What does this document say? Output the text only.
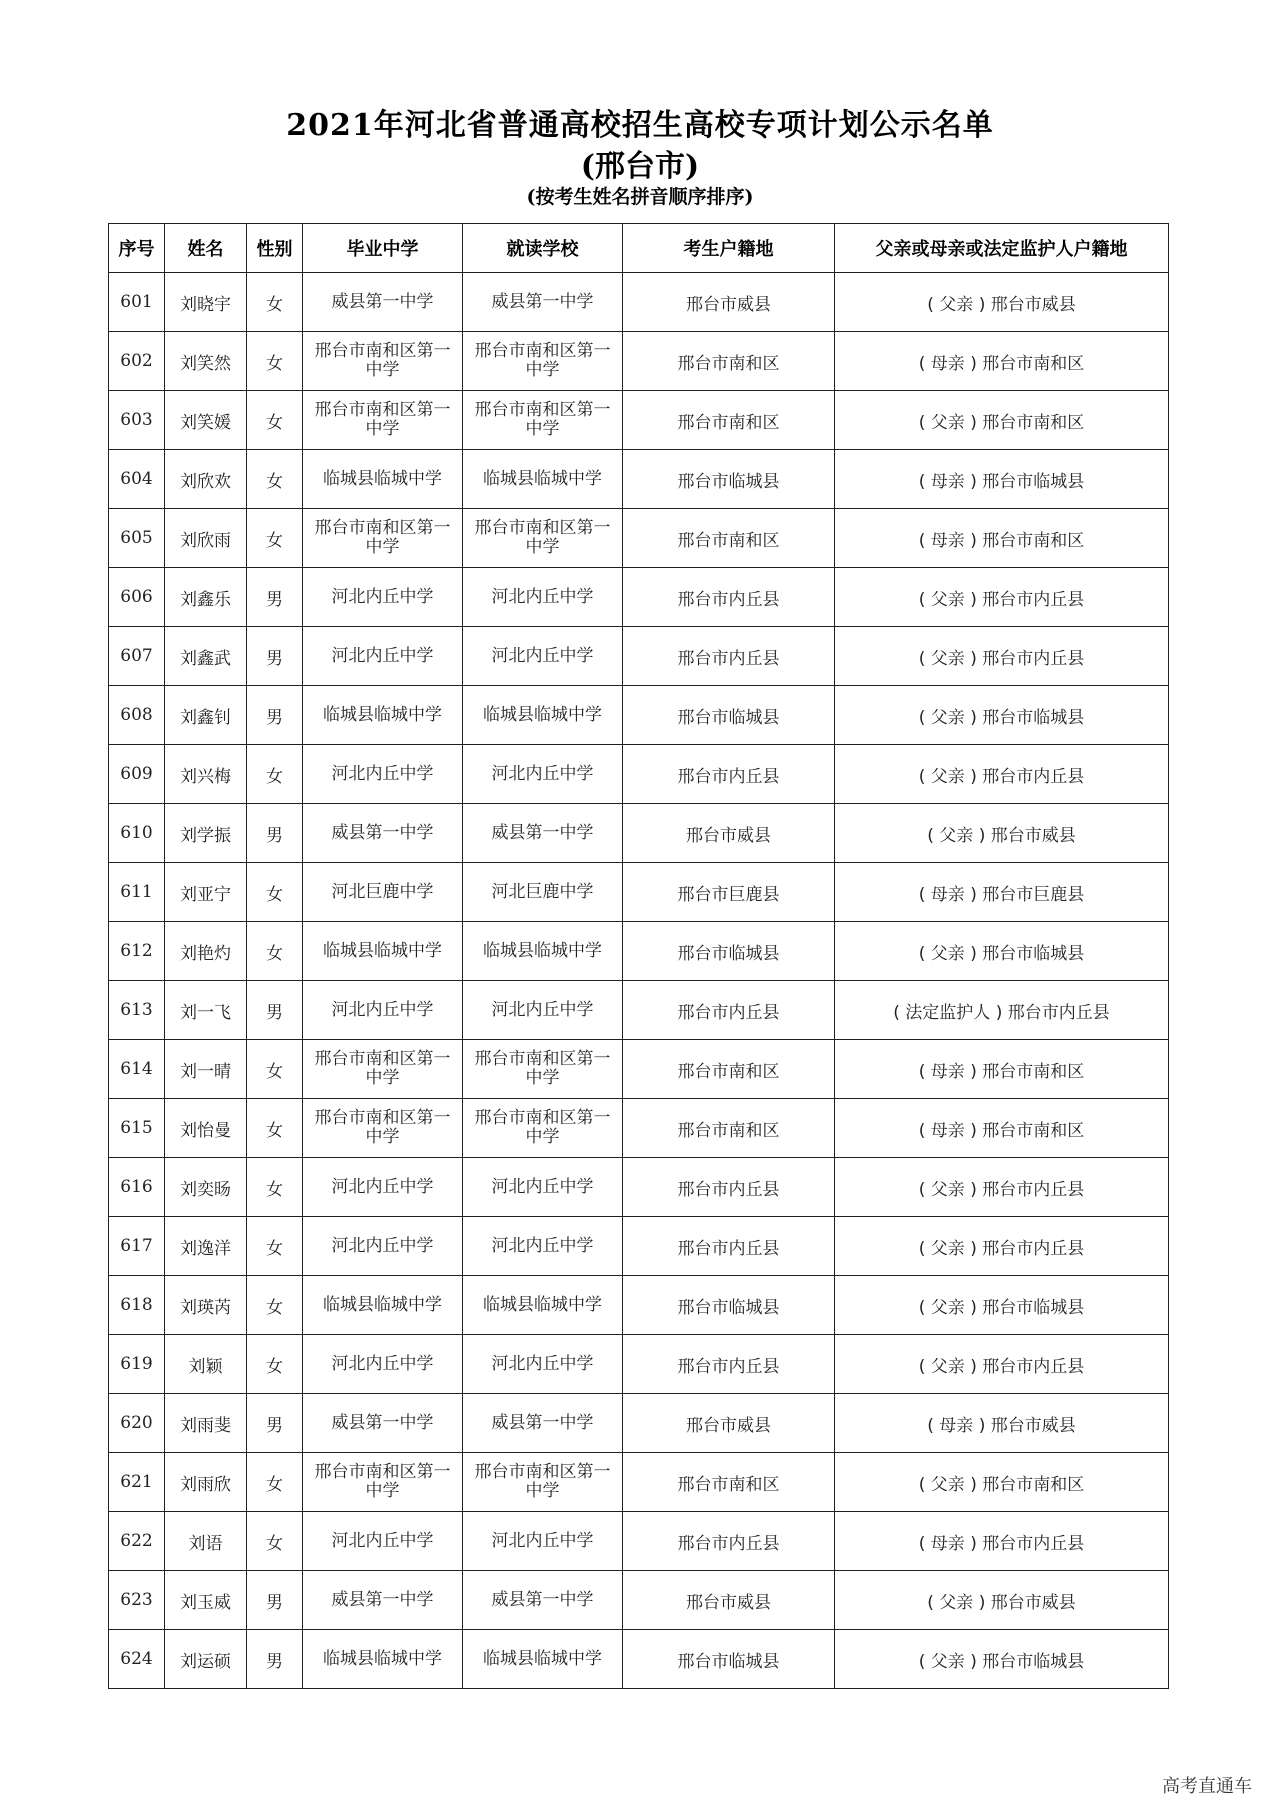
2021年河北省普通高校招生高校专项计划公示名单
(邢台市)
(按考生姓名拼音顺序排序)
序号	姓名	性别	毕业中学	就读学校	考生户籍地	父亲或母亲或法定监护人户籍地
601	刘晓宇	女	威县第一中学	威县第一中学	邢台市威县	( 父亲 ) 邢台市威县
602	刘笑然	女	邢台市南和区第一中学	邢台市南和区第一中学	邢台市南和区	( 母亲 ) 邢台市南和区
603	刘笑媛	女	邢台市南和区第一中学	邢台市南和区第一中学	邢台市南和区	( 父亲 ) 邢台市南和区
604	刘欣欢	女	临城县临城中学	临城县临城中学	邢台市临城县	( 母亲 ) 邢台市临城县
605	刘欣雨	女	邢台市南和区第一中学	邢台市南和区第一中学	邢台市南和区	( 母亲 ) 邢台市南和区
606	刘鑫乐	男	河北内丘中学	河北内丘中学	邢台市内丘县	( 父亲 ) 邢台市内丘县
607	刘鑫武	男	河北内丘中学	河北内丘中学	邢台市内丘县	( 父亲 ) 邢台市内丘县
608	刘鑫钊	男	临城县临城中学	临城县临城中学	邢台市临城县	( 父亲 ) 邢台市临城县
609	刘兴梅	女	河北内丘中学	河北内丘中学	邢台市内丘县	( 父亲 ) 邢台市内丘县
610	刘学振	男	威县第一中学	威县第一中学	邢台市威县	( 父亲 ) 邢台市威县
611	刘亚宁	女	河北巨鹿中学	河北巨鹿中学	邢台市巨鹿县	( 母亲 ) 邢台市巨鹿县
612	刘艳灼	女	临城县临城中学	临城县临城中学	邢台市临城县	( 父亲 ) 邢台市临城县
613	刘一飞	男	河北内丘中学	河北内丘中学	邢台市内丘县	( 法定监护人 ) 邢台市内丘县
614	刘一晴	女	邢台市南和区第一中学	邢台市南和区第一中学	邢台市南和区	( 母亲 ) 邢台市南和区
615	刘怡曼	女	邢台市南和区第一中学	邢台市南和区第一中学	邢台市南和区	( 母亲 ) 邢台市南和区
616	刘奕旸	女	河北内丘中学	河北内丘中学	邢台市内丘县	( 父亲 ) 邢台市内丘县
617	刘逸洋	女	河北内丘中学	河北内丘中学	邢台市内丘县	( 父亲 ) 邢台市内丘县
618	刘瑛芮	女	临城县临城中学	临城县临城中学	邢台市临城县	( 父亲 ) 邢台市临城县
619	刘颖	女	河北内丘中学	河北内丘中学	邢台市内丘县	( 父亲 ) 邢台市内丘县
620	刘雨斐	男	威县第一中学	威县第一中学	邢台市威县	( 母亲 ) 邢台市威县
621	刘雨欣	女	邢台市南和区第一中学	邢台市南和区第一中学	邢台市南和区	( 父亲 ) 邢台市南和区
622	刘语	女	河北内丘中学	河北内丘中学	邢台市内丘县	( 母亲 ) 邢台市内丘县
623	刘玉威	男	威县第一中学	威县第一中学	邢台市威县	( 父亲 ) 邢台市威县
624	刘运硕	男	临城县临城中学	临城县临城中学	邢台市临城县	( 父亲 ) 邢台市临城县
高考直通车
